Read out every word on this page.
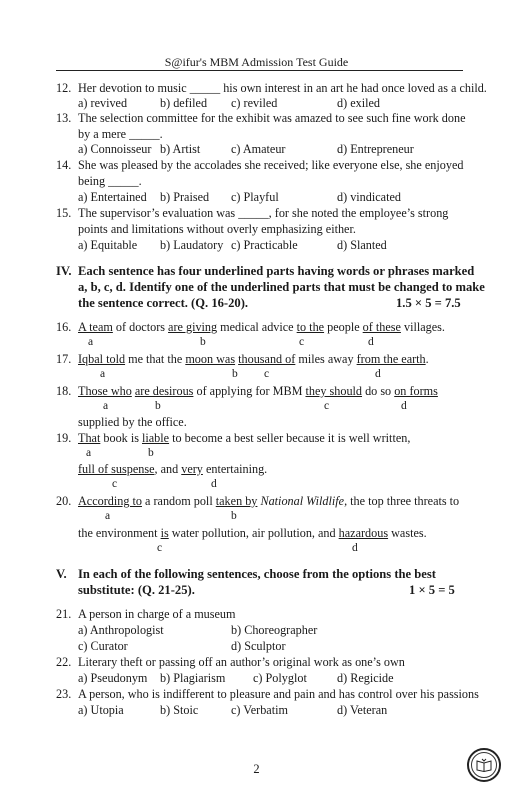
S@ifur's MBM Admission Test Guide
12. Her devotion to music _____ his own interest in an art he had once loved as a child.
a) revived	b) defiled c) reviled	d) exiled
13. The selection committee for the exhibit was amazed to see such fine work done
by a mere _____.
a) Connoisseur b) Artist	c) Amateur	d) Entrepreneur
14. She was pleased by the accolades she received; like everyone else, she enjoyed
being _____.
a) Entertained b) Praised c) Playful	d) vindicated
15. The supervisor’s evaluation was _____, for she noted the employee’s strong
points and limitations without overly emphasizing either.
a) Equitable b) Laudatory c) Practicable	d) Slanted
IV. Each sentence has four underlined parts having words or phrases marked
a, b, c, d. Identify one of the underlined parts that must be changed to make
the sentence correct. (Q. 16-20).	1.5 × 5 = 7.5
16. A team of doctors are giving medical advice to the people of these villages.
a	b	c	d
17. Iqbal told me that the moon was thousand of miles away from the earth.
a	b c	d
18. Those who are desirous of applying for MBM they should do so on forms
a	b	c	d
supplied by the office.
19. That book is liable to become a best seller because it is well written,
a	b
full of suspense, and very entertaining.
c	d
20. According to a random poll taken by National Wildlife, the top three threats to
a	b
the environment is water pollution, air pollution, and hazardous wastes.
c	d
V. In each of the following sentences, choose from the options the best
substitute: (Q. 21-25).	1 × 5 = 5
21. A person in charge of a museum
a) Anthropologist	b) Choreographer
c) Curator	d) Sculptor
22. Literary theft or passing off an author’s original work as one’s own
a) Pseudonym b) Plagiarism c) Polyglot d) Regicide
23. A person, who is indifferent to pleasure and pain and has control over his passions
a) Utopia	b) Stoic	c) Verbatim	d) Veteran
2
